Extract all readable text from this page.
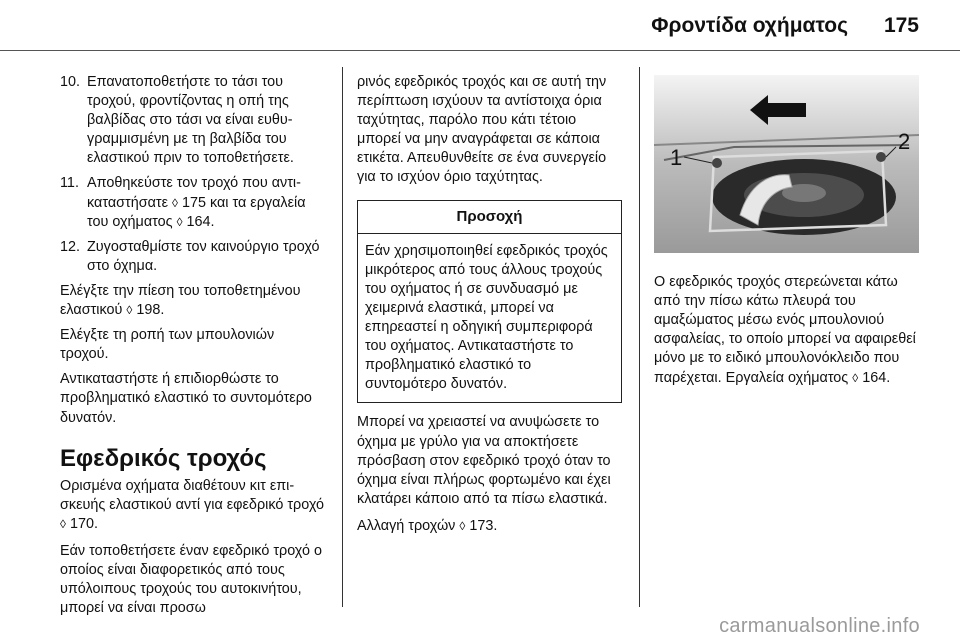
Φροντίδα οχήματος 175
10. Επανατοποθετήστε το τάσι του τροχού, φροντίζοντας η οπή της βαλβίδας στο τάσι να είναι ευθυγραμμισμένη με τη βαλβίδα του ελαστικού πριν το τοποθετήσετε.
11. Αποθηκεύστε τον τροχό που αντικαταστήσατε ◊ 175 και τα εργαλεία του οχήματος ◊ 164.
12. Ζυγοσταθμίστε τον καινούργιο τροχό στο όχημα.

Ελέγξτε την πίεση του τοποθετημένου ελαστικού ◊ 198.

Ελέγξτε τη ροπή των μπουλονιών τροχού.

Αντικαταστήστε ή επιδιορθώστε το προβληματικό ελαστικό το συντομότερο δυνατόν.

Εφεδρικός τροχός

Ορισμένα οχήματα διαθέτουν κιτ επισκευής ελαστικού αντί για εφεδρικό τροχό ◊ 170.

Εάν τοποθετήσετε έναν εφεδρικό τροχό ο οποίος είναι διαφορετικός από τους υπόλοιπους τροχούς του αυτοκινήτου, μπορεί να είναι προσω

ρινός εφεδρικός τροχός και σε αυτή την περίπτωση ισχύουν τα αντίστοιχα όρια ταχύτητας, παρόλο που κάτι τέτοιο μπορεί να μην αναγράφεται σε κάποια ετικέτα. Απευθυνθείτε σε ένα συνεργείο για το ισχύον όριο ταχύτητας.

Προσοχή
Εάν χρησιμοποιηθεί εφεδρικός τροχός μικρότερος από τους άλλους τροχούς του οχήματος ή σε συνδυασμό με χειμερινά ελαστικά, μπορεί να επηρεαστεί η οδηγική συμπεριφορά του οχήματος. Αντικαταστήστε το προβληματικό ελαστικό το συντομότερο δυνατόν.

Μπορεί να χρειαστεί να ανυψώσετε το όχημα με γρύλο για να αποκτήσετε πρόσβαση στον εφεδρικό τροχό όταν το όχημα είναι πλήρως φορτωμένο και έχει κλατάρει κάποιο από τα πίσω ελαστικά.

Αλλαγή τροχών ◊ 173.

1
2

Ο εφεδρικός τροχός στερεώνεται κάτω από την πίσω κάτω πλευρά του αμαξώματος μέσω ενός μπουλονιού ασφαλείας, το οποίο μπορεί να αφαιρεθεί μόνο με το ειδικό μπουλονόκλειδο που παρέχεται. Εργαλεία οχήματος ◊ 164.

carmanualsonline.info
